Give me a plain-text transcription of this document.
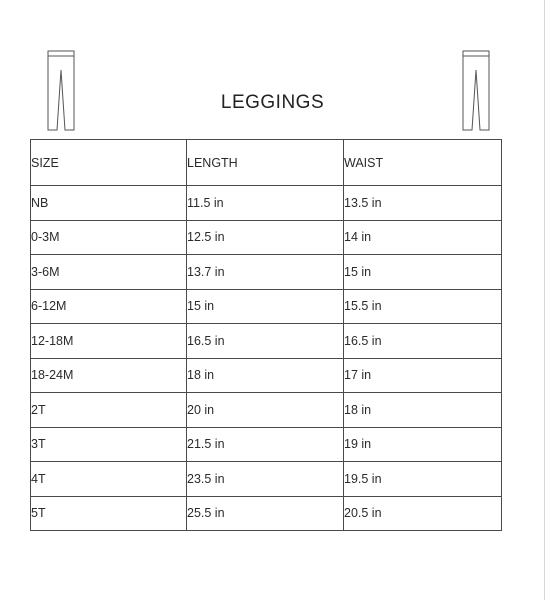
LEGGINGS
SIZE	LENGTH	WAIST
NB	11.5 in	13.5 in
0-3M	12.5 in	14 in
3-6M	13.7 in	15 in
6-12M	15 in	15.5 in
12-18M	16.5 in	16.5 in
18-24M	18 in	17 in
2T	20 in	18 in
3T	21.5 in	19 in
4T	23.5 in	19.5 in
5T	25.5 in	20.5 in
